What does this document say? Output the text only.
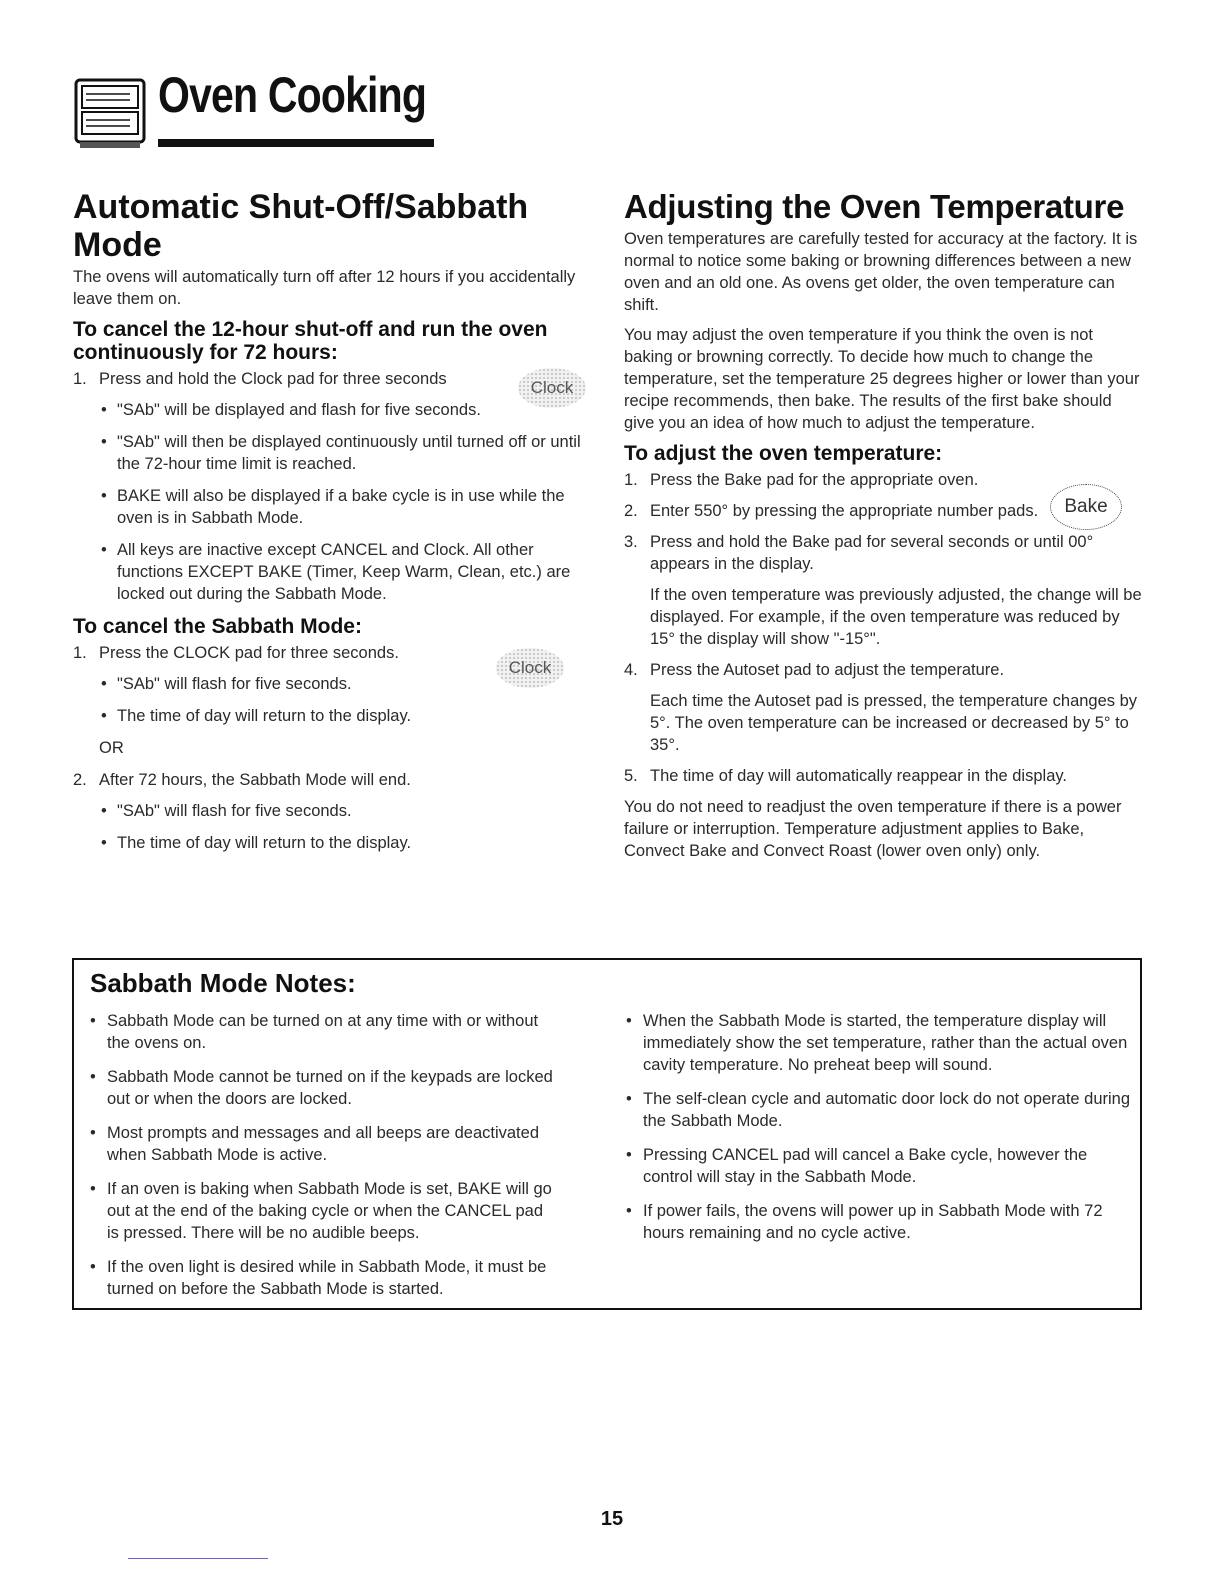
Oven Cooking
Automatic Shut-Off/Sabbath Mode

The ovens will automatically turn off after 12 hours if you accidentally leave them on.

To cancel the 12-hour shut-off and run the oven continuously for 72 hours:
1. Press and hold the Clock pad for three seconds
• "SAb" will be displayed and flash for five seconds.
• "SAb" will then be displayed continuously until turned off or until the 72-hour time limit is reached.
• BAKE will also be displayed if a bake cycle is in use while the oven is in Sabbath Mode.
• All keys are inactive except CANCEL and Clock. All other functions EXCEPT BAKE (Timer, Keep Warm, Clean, etc.) are locked out during the Sabbath Mode.
To cancel the Sabbath Mode:
1. Press the CLOCK pad for three seconds.
• "SAb" will flash for five seconds.
• The time of day will return to the display.
OR
2. After 72 hours, the Sabbath Mode will end.
• "SAb" will flash for five seconds.
• The time of day will return to the display.
Clock
Clock
Adjusting the Oven Temperature

Oven temperatures are carefully tested for accuracy at the factory. It is normal to notice some baking or browning differences between a new oven and an old one. As ovens get older, the oven temperature can shift.

You may adjust the oven temperature if you think the oven is not baking or browning correctly. To decide how much to change the temperature, set the temperature 25 degrees higher or lower than your recipe recommends, then bake. The results of the first bake should give you an idea of how much to adjust the temperature.

To adjust the oven temperature:
1. Press the Bake pad for the appropriate oven.
2. Enter 550° by pressing the appropriate number pads.
3. Press and hold the Bake pad for several seconds or until 00° appears in the display.
If the oven temperature was previously adjusted, the change will be displayed. For example, if the oven temperature was reduced by 15° the display will show "-15°".
4. Press the Autoset pad to adjust the temperature.
Each time the Autoset pad is pressed, the temperature changes by 5°. The oven temperature can be increased or decreased by 5° to 35°.
5. The time of day will automatically reappear in the display.

You do not need to readjust the oven temperature if there is a power failure or interruption. Temperature adjustment applies to Bake, Convect Bake and Convect Roast (lower oven only) only.

Bake
Sabbath Mode Notes:
• Sabbath Mode can be turned on at any time with or without the ovens on.
• Sabbath Mode cannot be turned on if the keypads are locked out or when the doors are locked.
• Most prompts and messages and all beeps are deactivated when Sabbath Mode is active.
• If an oven is baking when Sabbath Mode is set, BAKE will go out at the end of the baking cycle or when the CANCEL pad is pressed. There will be no audible beeps.
• If the oven light is desired while in Sabbath Mode, it must be turned on before the Sabbath Mode is started.
• When the Sabbath Mode is started, the temperature display will immediately show the set temperature, rather than the actual oven cavity temperature. No preheat beep will sound.
• The self-clean cycle and automatic door lock do not operate during the Sabbath Mode.
• Pressing CANCEL pad will cancel a Bake cycle, however the control will stay in the Sabbath Mode.
• If power fails, the ovens will power up in Sabbath Mode with 72 hours remaining and no cycle active.
15
